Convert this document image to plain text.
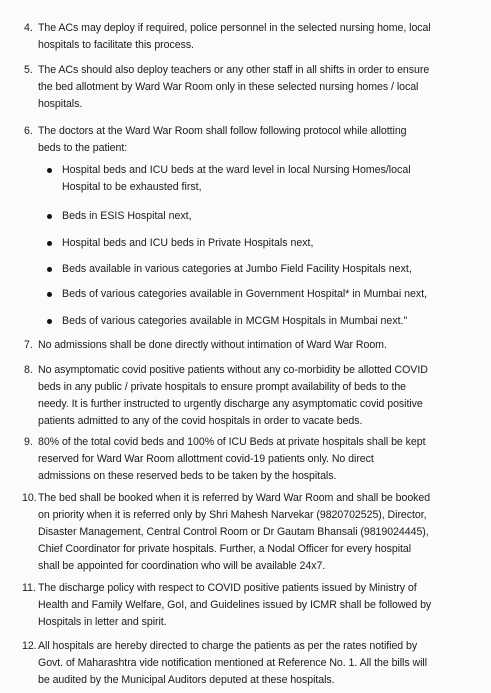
4. The ACs may deploy if required, police personnel in the selected nursing home, local
hospitals to facilitate this process.
5. The ACs should also deploy teachers or any other staff in all shifts in order to ensure
the bed allotment by Ward War Room only in these selected nursing homes / local
hospitals.
6. The doctors at the Ward War Room shall follow following protocol while allotting
beds to the patient:
Hospital beds and ICU beds at the ward level in local Nursing Homes/local
Hospital to be exhausted first,
Beds in ESIS Hospital next,
Hospital beds and ICU beds in Private Hospitals next,
Beds available in various categories at Jumbo Field Facility Hospitals next,
Beds of various categories available in Government Hospital* in Mumbai next,
Beds of various categories available in MCGM Hospitals in Mumbai next."
7. No admissions shall be done directly without intimation of Ward War Room.
8. No asymptomatic covid positive patients without any co-morbidity be allotted COVID
beds in any public / private hospitals to ensure prompt availability of beds to the
needy. It is further instructed to urgently discharge any asymptomatic covid positive
patients admitted to any of the covid hospitals in order to vacate beds.
9. 80% of the total covid beds and 100% of ICU Beds at private hospitals shall be kept
reserved for Ward War Room allottment covid-19 patients only. No direct
admissions on these reserved beds to be taken by the hospitals.
10. The bed shall be booked when it is referred by Ward War Room and shall be booked
on priority when it is referred only by Shri Mahesh Narvekar (9820702525), Director,
Disaster Management, Central Control Room or Dr Gautam Bhansali (9819024445),
Chief Coordinator for private hospitals. Further, a Nodal Officer for every hospital
shall be appointed for coordination who will be available 24x7.
11. The discharge policy with respect to COVID positive patients issued by Ministry of
Health and Family Welfare, GoI, and Guidelines issued by ICMR shall be followed by
Hospitals in letter and spirit.
12. All hospitals are hereby directed to charge the patients as per the rates notified by
Govt. of Maharashtra vide notification mentioned at Reference No. 1. All the bills will
be audited by the Municipal Auditors deputed at these hospitals.
